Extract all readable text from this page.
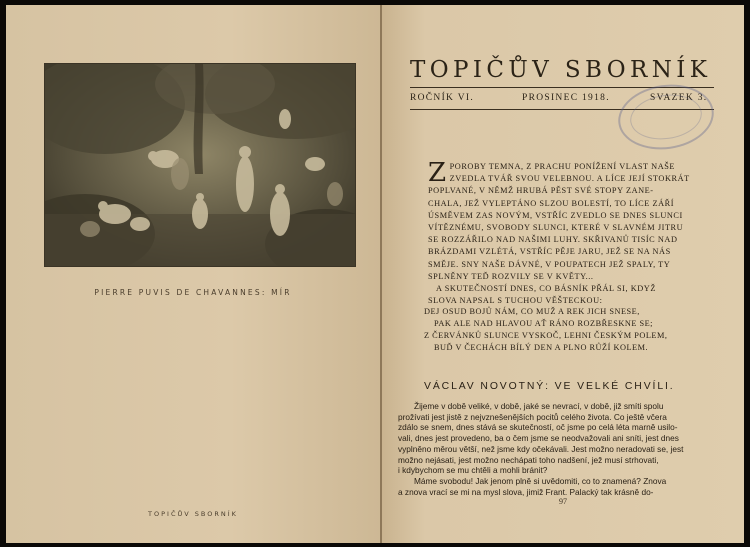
PIERRE PUVIS DE CHAVANNES: MÍR
TOPIČŮV SBORNÍK
TOPIČŮV SBORNÍK
ROČNÍK VI.	PROSINEC 1918.	SVAZEK 3.
Z POROBY TEMNA, Z PRACHU PONÍŽENÍ VLAST NAŠE
ZVEDLA TVÁŘ SVOU VELEBNOU. A LÍCE JEJÍ STOKRÁT
POPLVANÉ, V NĚMŽ HRUBÁ PĚST SVÉ STOPY ZANE-
CHALA, JEŽ VYLEPTÁNO SLZOU BOLESTÍ, TO LÍCE ZÁŘÍ
ÚSMĚVEM ZAS NOVÝM, VSTŘÍC ZVEDLO SE DNES SLUNCI
VÍTĚZNÉMU, SVOBODY SLUNCI, KTERÉ V SLAVNÉM JITRU
SE ROZZÁŘILO NAD NAŠIMI LUHY. SKŘIVANŮ TISÍC NAD
BRÁZDAMI VZLÉTÁ, VSTŘÍC PĚJE JARU, JEŽ SE NA NÁS
SMĚJE. SNY NAŠE DÁVNÉ, V POUPATECH JEŽ SPALY, TY
SPLNĚNY TEĎ ROZVILY SE V KVĚTY...
A SKUTEČNOSTÍ DNES, CO BÁSNÍK PŘÁL SI, KDYŽ
SLOVA NAPSAL S TUCHOU VĚŠTECKOU:
DEJ OSUD BOJŮ NÁM, CO MUŽ A REK JICH SNESE,
PAK ALE NAD HLAVOU AŤ RÁNO ROZBŘESKNE SE;
Z ČERVÁNKŮ SLUNCE VYSKOČ, LEHNI ČESKÝM POLEM,
BUĎ V ČECHÁCH BÍLÝ DEN A PLNO RŮŽÍ KOLEM.
VÁCLAV NOVOTNÝ: VE VELKÉ CHVÍLI.
Žijeme v době veliké, v době, jaké se nevrací, v době, již smíti spolu
prožívati jest jistě z nejvznešenějších pocitů celého života. Co ještě včera
zdálo se snem, dnes stává se skutečností, oč jsme po celá léta marně usilo-
vali, dnes jest provedeno, ba o čem jsme se neodvažovali ani sníti, jest dnes
vyplněno měrou větší, než jsme kdy očekávali. Jest možno neradovati se, jest
možno nejásati, jest možno nechápati toho nadšení, jež musí strhovati,
i kdybychom se mu chtěli a mohli bránit?
Máme svobodu! Jak jenom plně si uvědomiti, co to znamená? Znova
a znova vrací se mi na mysl slova, jimiž Frant. Palacký tak krásně do-
97
